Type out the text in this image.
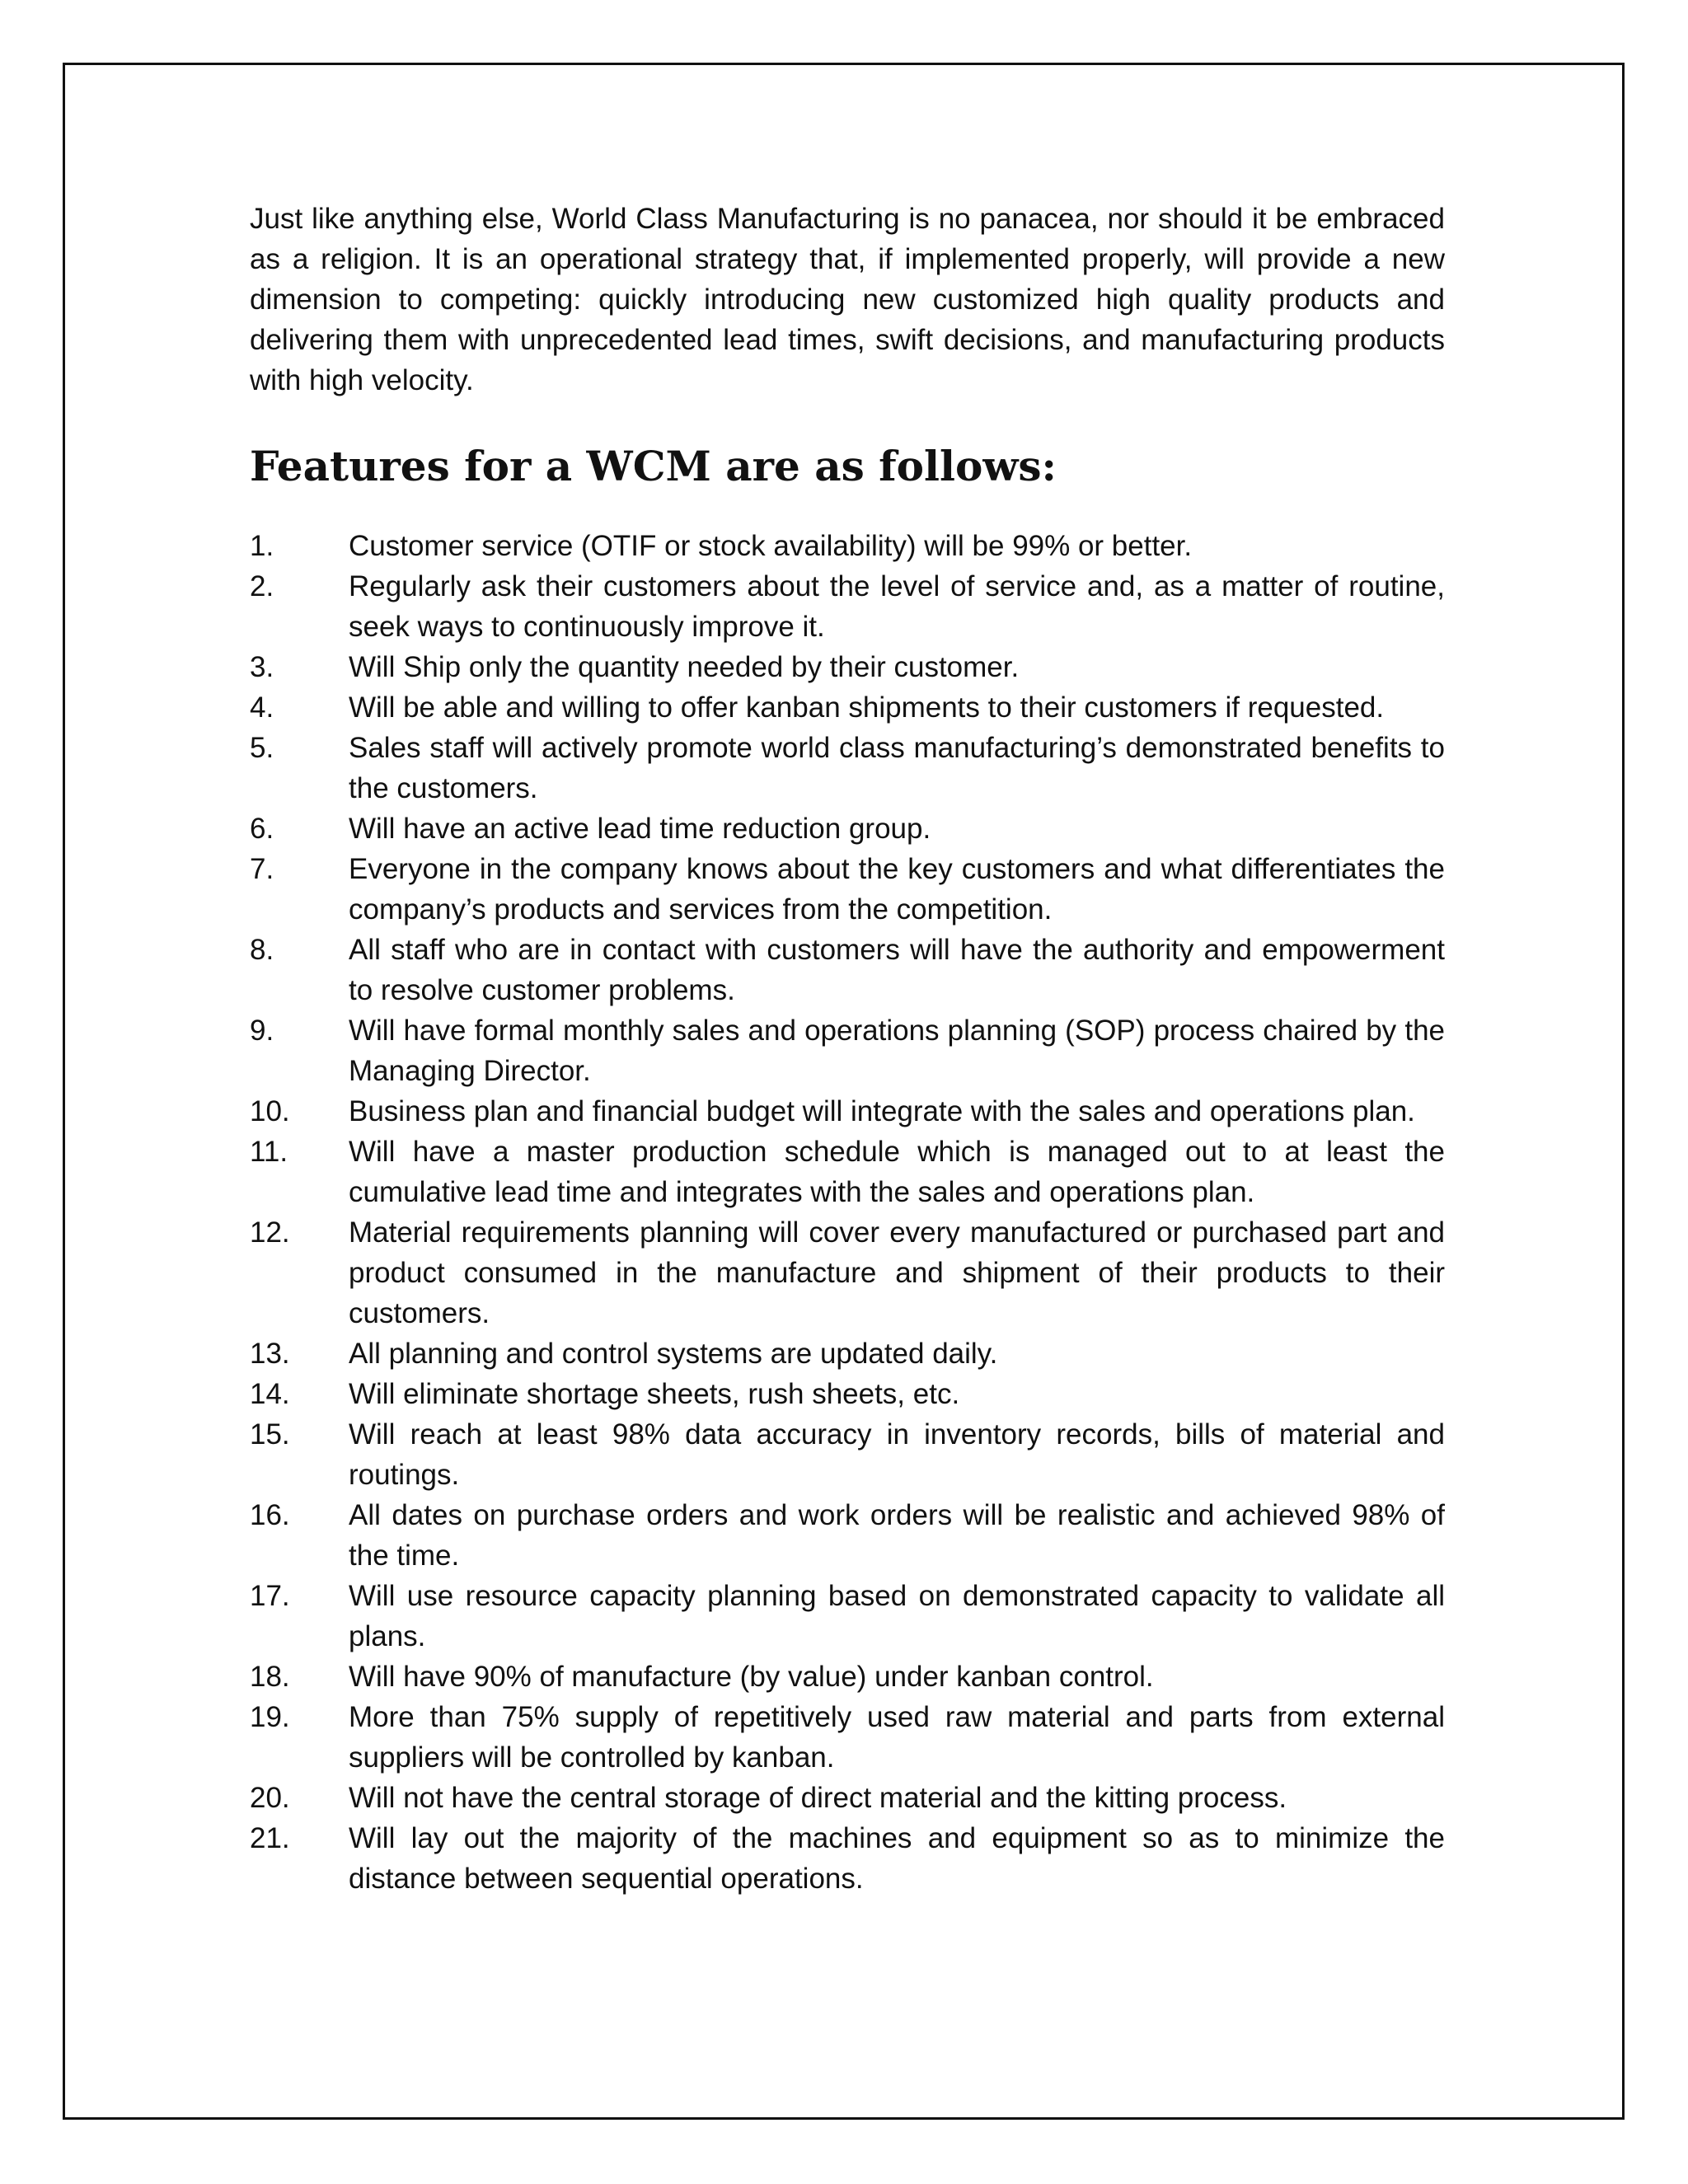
Just like anything else, World Class Manufacturing is no panacea, nor should it be embraced as a religion. It is an operational strategy that, if implemented properly, will provide a new dimension to competing: quickly introducing new customized high quality products and delivering them with unprecedented lead times, swift decisions, and manufacturing products with high velocity.

Features for a WCM are as follows:
1.	Customer service (OTIF or stock availability) will be 99% or better.
2.	Regularly ask their customers about the level of service and, as a matter of routine, seek ways to continuously improve it.
3.	Will Ship only the quantity needed by their customer.
4.	Will be able and willing to offer kanban shipments to their customers if requested.
5.	Sales staff will actively promote world class manufacturing’s demonstrated benefits to the customers.
6.	Will have an active lead time reduction group.
7.	Everyone in the company knows about the key customers and what differentiates the company’s products and services from the competition.
8.	All staff who are in contact with customers will have the authority and empowerment to resolve customer problems.
9.	Will have formal monthly sales and operations planning (SOP) process chaired by the Managing Director.
10.	Business plan and financial budget will integrate with the sales and operations plan.
11.	Will have a master production schedule which is managed out to at least the cumulative lead time and integrates with the sales and operations plan.
12.	Material requirements planning will cover every manufactured or purchased part and product consumed in the manufacture and shipment of their products to their customers.
13.	All planning and control systems are updated daily.
14.	Will eliminate shortage sheets, rush sheets, etc.
15.	Will reach at least 98% data accuracy in inventory records, bills of material and routings.
16.	All dates on purchase orders and work orders will be realistic and achieved 98% of the time.
17.	Will use resource capacity planning based on demonstrated capacity to validate all plans.
18.	Will have 90% of manufacture (by value) under kanban control.
19.	More than 75% supply of repetitively used raw material and parts from external suppliers will be controlled by kanban.
20.	Will not have the central storage of direct material and the kitting process.
21.	Will lay out the majority of the machines and equipment so as to minimize the distance between sequential operations.
